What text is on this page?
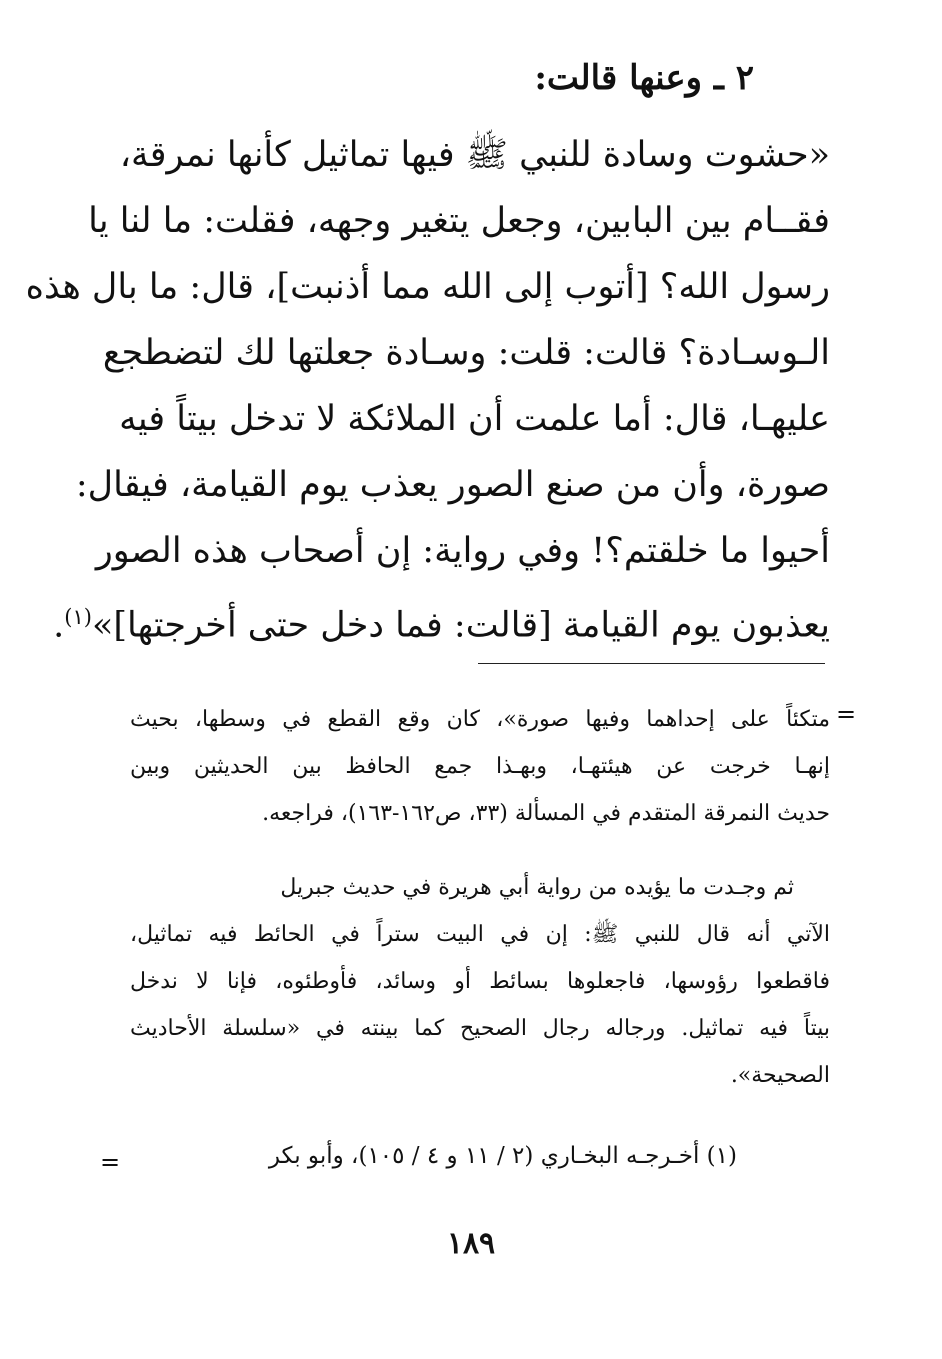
٢ ـ وعنها قالت:
«حشوت وسادة للنبي ﷺ فيها تماثيل كأنها نمرقة،
فقــام بين البابين، وجعل يتغير وجهه، فقلت: ما لنا يا
رسول الله؟ [أتوب إلى الله مما أذنبت]، قال: ما بال هذه
الـوسـادة؟ قالت: قلت: وسـادة جعلتها لك لتضطجع
عليهـا، قال: أما علمت أن الملائكة لا تدخل بيتاً فيه
صورة، وأن من صنع الصور يعذب يوم القيامة، فيقال:
أحيوا ما خلقتم؟! وفي رواية: إن أصحاب هذه الصور
يعذبون يوم القيامة [قالت: فما دخل حتى أخرجتها]»$^{(١)}$.
=
متكئاً على إحداهما وفيها صورة»، كان وقع القطع في وسطها، بحيث
إنهـا خرجت عن هيئتهـا، وبهـذا جمع الحافظ بين الحديثين وبين
حديث النمرقة المتقدم في المسألة (٣٣، ص١٦٢-١٦٣)، فراجعه.
ثم وجـدت ما يؤيده من رواية أبي هريرة في حديث جبريل
الآتي أنه قال للنبي ﷺ: إن في البيت ستراً في الحائط فيه تماثيل،
فاقطعوا رؤوسها، فاجعلوها بسائط أو وسائد، فأوطئوه، فإنا لا ندخل
بيتاً فيه تماثيل. ورجاله رجال الصحيح كما بينته في «سلسلة الأحاديث
الصحيحة».
(١) أخـرجـه البخـاري (٢ / ١١ و ٤ / ١٠٥)، وأبو بكر
=
١٨٩
